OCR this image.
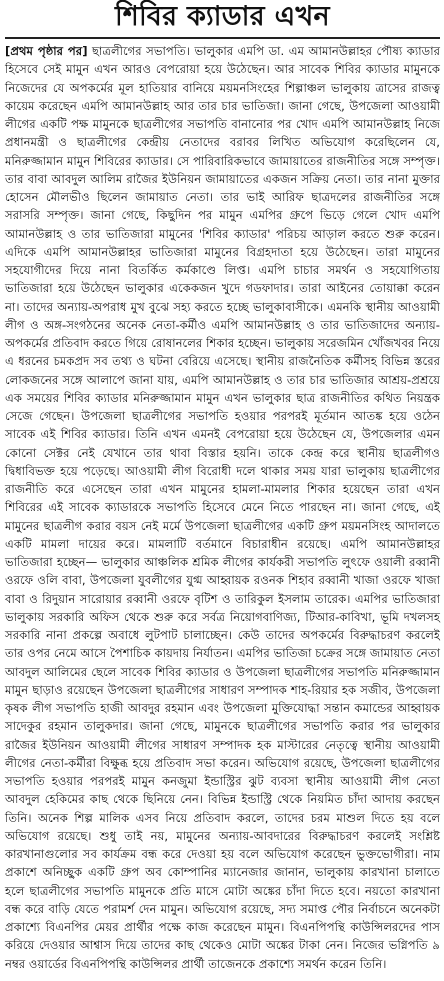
শিবির ক্যাডার এখন

[প্রথম পৃষ্ঠার পর] ছাত্রলীগের সভাপতি। ভালুকার এমপি ডা. এম আমানউল্লাহর পৌষ্য ক্যাডার হিসেবে সেই মামুন এখন আরও বেপরোয়া হয়ে উঠেছেন। আর সাবেক শিবির ক্যাডার মামুনকে নিজেদের যে অপকর্মের মূল হাতিয়ার বানিয়ে ময়মনসিংহের শিল্পাঞ্চল ভালুকায় ত্রাসের রাজত্ব কায়েম করেছেন এমপি আমানউল্লাহ আর তার চার ভাতিজা। জানা গেছে, উপজেলা আওয়ামী লীগের একটি পক্ষ মামুনকে ছাত্রলীগের সভাপতি বানানোর পর খোদ এমপি আমানউল্লাহ নিজে প্রধানমন্ত্রী ও ছাত্রলীগের কেন্দ্রীয় নেতাদের বরাবর লিখিত অভিযোগ করেছিলেন যে, মনিরুজ্জামান মামুন শিবিরের ক্যাডার। সে পারিবারিকভাবে জামায়াতের রাজনীতির সঙ্গে সম্পৃক্ত। তার বাবা আবদুল আলিম রাজৈর ইউনিয়ন জামায়াতের একজন সক্রিয় নেতা। তার নানা মুক্তার হোসেন মৌলভীও ছিলেন জামায়াত নেতা। তার ভাই আরিফ ছাত্রদলের রাজনীতির সঙ্গে সরাসরি সম্পৃক্ত। জানা গেছে, কিছুদিন পর মামুন এমপির গ্রুপে ভিড়ে গেলে খোদ এমপি আমানউল্লাহ ও তার ভাতিজারা মামুনের 'শিবির ক্যাডার' পরিচয় আড়াল করতে শুরু করেন। এদিকে এমপি আমানউল্লাহর ভাতিজারা মামুনের বিগ্রহদাতা হয়ে উঠেছেন। তারা মামুনের সহযোগীদের দিয়ে নানা বিতর্কিত কর্মকাণ্ডে লিপ্ত। এমপি চাচার সমর্থন ও সহযোগিতায় ভাতিজারা হয়ে উঠেছেন ভালুকার একেকজন খুদে গডফাদার। তারা আইনের তোয়াক্কা করেন না। তাদের অন্যায়-অপরাধ মুখ বুঝে সহ্য করতে হচ্ছে ভালুকাবাসীকে। এমনকি স্থানীয় আওয়ামী লীগ ও অঙ্গ-সংগঠনের অনেক নেতা-কর্মীও এমপি আমানউল্লাহ ও তার ভাতিজাদের অন্যায়-অপকর্মের প্রতিবাদ করতে গিয়ে রোষানলের শিকার হচ্ছেন। ভালুকায় সরেজমিন খোঁজখবর নিয়ে এ ধরনের চমকপ্রদ সব তথ্য ও ঘটনা বেরিয়ে এসেছে। স্থানীয় রাজনৈতিক কর্মীসহ বিভিন্ন স্তরের লোকজনের সঙ্গে আলাপে জানা যায়, এমপি আমানউল্লাহ ও তার চার ভাতিজার আশ্রয়-প্রশ্রয়ে এক সময়ের শিবির ক্যাডার মনিরুজ্জামান মামুন এখন ভালুকার ছাত্র রাজনীতির কথিত নিয়ন্ত্রক সেজে গেছেন। উপজেলা ছাত্রলীগের সভাপতি হওয়ার পরপরই মূর্তমান আতঙ্ক হয়ে ওঠেন সাবেক এই শিবির ক্যাডার। তিনি এখন এমনই বেপরোয়া হয়ে উঠেছেন যে, উপজেলার এমন কোনো সেক্টর নেই যেখানে তার থাবা বিস্তার হয়নি। তাকে কেন্দ্র করে স্থানীয় ছাত্রলীগও দ্বিধাবিভক্ত হয়ে পড়েছে। আওয়ামী লীগ বিরোধী দলে থাকার সময় যারা ভালুকায় ছাত্রলীগের রাজনীতি করে এসেছেন তারা এখন মামুনের হামলা-মামলার শিকার হয়েছেন তারা এখন শিবিরের এই সাবেক ক্যাডারকে সভাপতি হিসেবে মেনে নিতে পারছেন না। জানা গেছে, এই মামুনের ছাত্রলীগ করার বয়স নেই মর্মে উপজেলা ছাত্রলীগের একটি গ্রুপ ময়মনসিংহ আদালতে একটি মামলা দায়ের করে। মামলাটি বর্তমানে বিচারাধীন রয়েছে। এমপি আমানউল্লাহর ভাতিজারা হচ্ছেন— ভালুকার আঞ্চলিক শ্রমিক লীগের কার্যকরী সভাপতি লুৎফে ওয়ালী রব্বানী ওরফে ওলি বাবা, উপজেলা যুবলীগের যুগ্ম আহ্বায়ক রওনক শিহাব রব্বানী খাজা ওরফে খাজা বাবা ও রিদুয়ান সারোয়ার রব্বানী ওরফে বৃটিশ ও তারিকুল ইসলাম তারেক। এমপির ভাতিজারা ভালুকায় সরকারি অফিস থেকে শুরু করে সর্বত্র নিয়োগবাণিজ্য, টিআর-কাবিখা, ভূমি দখলসহ সরকারি নানা প্রকল্পে অবাধে লুটপাট চালাচ্ছেন। কেউ তাদের অপকর্মের বিরুদ্ধাচরণ করলেই তার ওপর নেমে আসে পৈশাচিক কায়দায় নির্যাতন। এমপির ভাতিজা চক্রের সঙ্গে জামায়াত নেতা আবদুল আলিমের ছেলে সাবেক শিবির ক্যাডার ও উপজেলা ছাত্রলীগের সভাপতি মনিরুজ্জামান মামুন ছাড়াও রয়েছেন উপজেলা ছাত্রলীগের সাধারণ সম্পাদক শাহ-রিয়ার হক সজীব, উপজেলা কৃষক লীগ সভাপতি হাজী আবদুর রহমান এবং উপজেলা মুক্তিযোদ্ধা সন্তান কমান্ডের আহ্বায়ক সাদেকুর রহমান তালুকদার। জানা গেছে, মামুনকে ছাত্রলীগের সভাপতি করার পর ভালুকার রাজৈর ইউনিয়ন আওয়ামী লীগের সাধারণ সম্পাদক হক মাস্টারের নেতৃত্বে স্থানীয় আওয়ামী লীগের নেতা-কর্মীরা বিক্ষুব্ধ হয়ে প্রতিবাদ সভা করেন। অভিযোগ রয়েছে, উপজেলা ছাত্রলীগের সভাপতি হওয়ার পরপরই মামুন কনজুমা ইন্ডাস্ট্রির ঝুট ব্যবসা স্থানীয় আওয়ামী লীগ নেতা আবদুল হেকিমের কাছ থেকে ছিনিয়ে নেন। বিভিন্ন ইন্ডাস্ট্রি থেকে নিয়মিত চাঁদা আদায় করছেন তিনি। অনেক শিল্প মালিক এসব নিয়ে প্রতিবাদ করলে, তাদের চরম মাশুল দিতে হয় বলে অভিযোগ রয়েছে। শুধু তাই নয়, মামুনের অন্যায়-আবদারের বিরুদ্ধাচরণ করলেই সংশ্লিষ্ট কারখানাগুলোর সব কার্যক্রম বন্ধ করে দেওয়া হয় বলে অভিযোগ করেছেন ভুক্তভোগীরা। নাম প্রকাশে অনিচ্ছুক একটি গ্রুপ অব কোম্পানির ম্যানেজার জানান, ভালুকায় কারখানা চালাতে হলে ছাত্রলীগের সভাপতি মামুনকে প্রতি মাসে মোটা অঙ্কের চাঁদা দিতে হবে। নয়তো কারখানা বন্ধ করে বাড়ি যেতে পরামর্শ দেন মামুন। অভিযোগ রয়েছে, সদ্য সমাপ্ত পৌর নির্বাচনে অনেকটা প্রকাশ্যে বিএনপির মেয়র প্রার্থীর পক্ষে কাজ করেছেন মামুন। বিএনপিপন্থি কাউন্সিলরদের পাস করিয়ে দেওয়ার আশ্বাস দিয়ে তাদের কাছ থেকেও মোটা অঙ্কের টাকা নেন। নিজের ভগ্নিপতি ৯ নম্বর ওয়ার্ডের বিএনপিপন্থি কাউন্সিলর প্রার্থী তাজেনকে প্রকাশ্যে সমর্থন করেন তিনি।
